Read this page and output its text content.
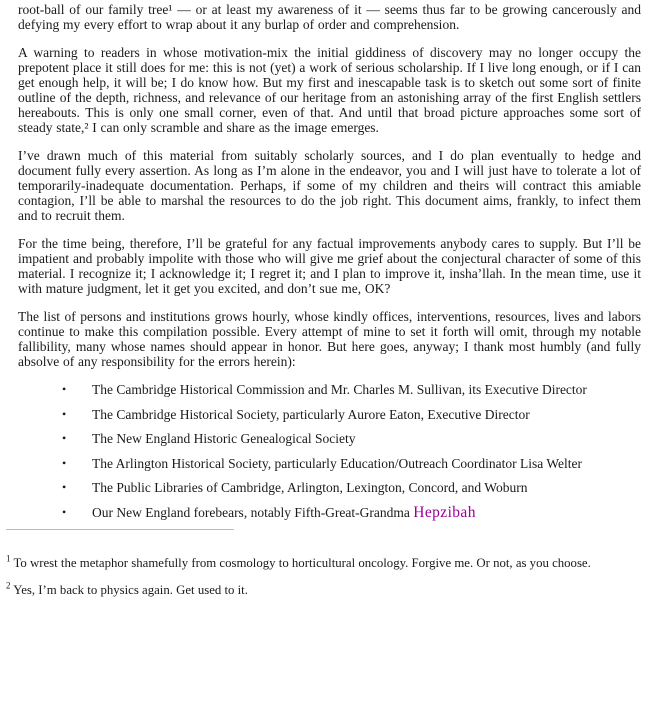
root-ball of our family tree¹ — or at least my awareness of it — seems thus far to be growing cancerously and defying my every effort to wrap about it any burlap of order and comprehension.

A warning to readers in whose motivation-mix the initial giddiness of discovery may no longer occupy the prepotent place it still does for me: this is not (yet) a work of serious scholarship. If I live long enough, or if I can get enough help, it will be; I do know how. But my first and inescapable task is to sketch out some sort of finite outline of the depth, richness, and relevance of our heritage from an astonishing array of the first English settlers hereabouts. This is only one small corner, even of that. And until that broad picture approaches some sort of steady state,² I can only scramble and share as the image emerges.

I’ve drawn much of this material from suitably scholarly sources, and I do plan eventually to hedge and document fully every assertion. As long as I’m alone in the endeavor, you and I will just have to tolerate a lot of temporarily-inadequate documentation. Perhaps, if some of my children and theirs will contract this amiable contagion, I’ll be able to marshal the resources to do the job right. This document aims, frankly, to infect them and to recruit them.

For the time being, therefore, I’ll be grateful for any factual improvements anybody cares to supply. But I’ll be impatient and probably impolite with those who will give me grief about the conjectural character of some of this material. I recognize it; I acknowledge it; I regret it; and I plan to improve it, insha’llah. In the mean time, use it with mature judgment, let it get you excited, and don’t sue me, OK?

The list of persons and institutions grows hourly, whose kindly offices, interventions, resources, lives and labors continue to make this compilation possible. Every attempt of mine to set it forth will omit, through my notable fallibility, many whose names should appear in honor. But here goes, anyway; I thank most humbly (and fully absolve of any responsibility for the errors herein):

•	The Cambridge Historical Commission and Mr. Charles M. Sullivan, its Executive Director
•	The Cambridge Historical Society, particularly Aurore Eaton, Executive Director
•	The New England Historic Genealogical Society
•	The Arlington Historical Society, particularly Education/Outreach Coordinator Lisa Welter
•	The Public Libraries of Cambridge, Arlington, Lexington, Concord, and Woburn
•	Our New England forebears, notably Fifth-Great-Grandma Hepzibah
$^1$ To wrest the metaphor shamefully from cosmology to horticultural oncology. Forgive me. Or not, as you choose.
$^2$ Yes, I’m back to physics again. Get used to it.
